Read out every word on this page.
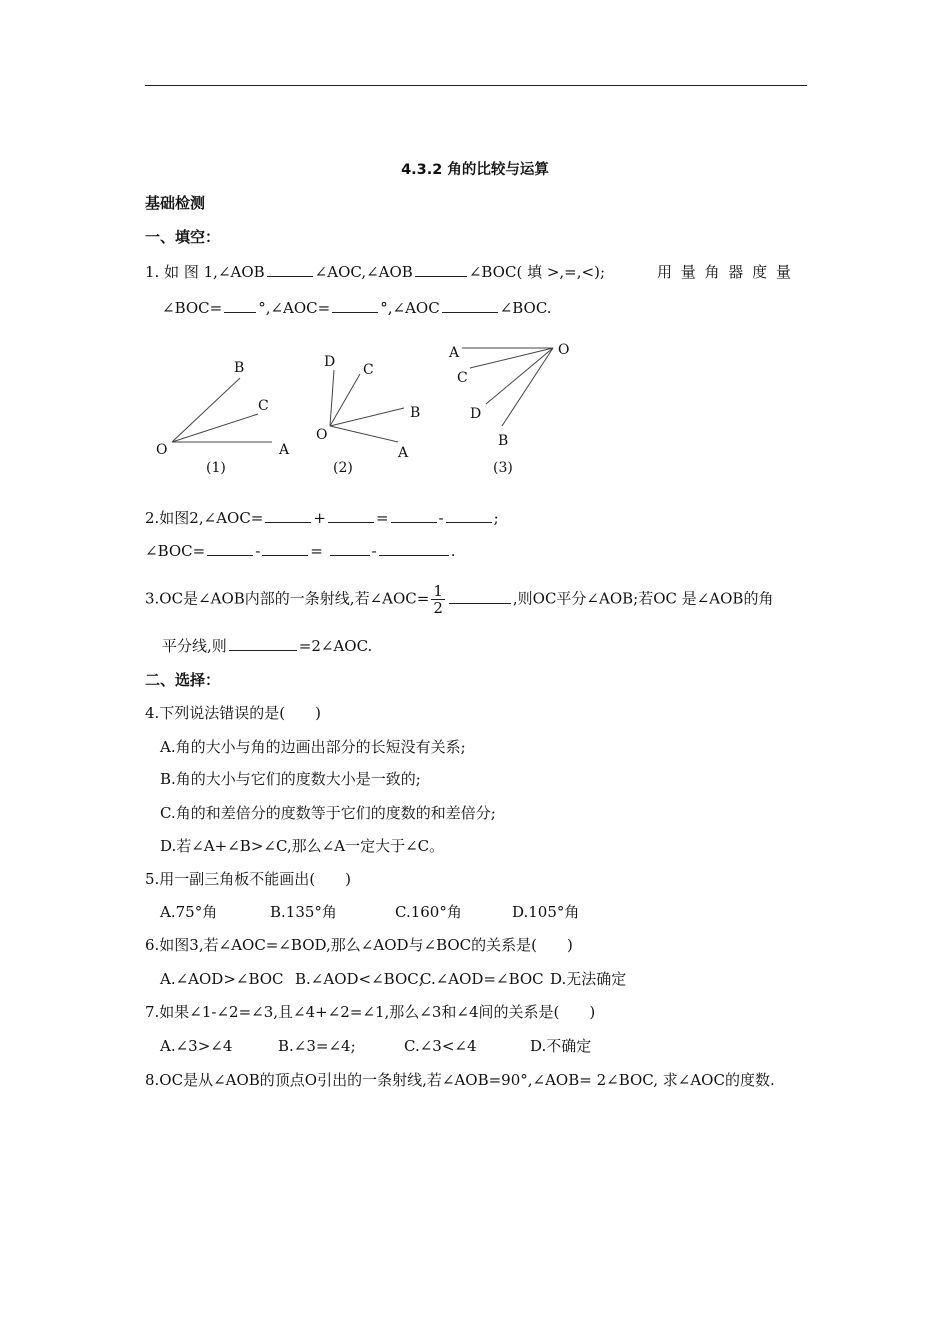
4.3.2 角的比较与运算
基础检测
一、填空：
1. 如 图 1,∠AOB	∠AOC,∠AOB	∠BOC( 填 >,=,<);	用 量 角 器 度 量
∠BOC= °,∠AOC=	°,∠AOC	∠BOC.
B
C
O	A
(1)
D C
B
O
A
(2)
A	O
C
D
B
(3)
2.如图2,∠AOC=	+	=	-	;
∠BOC=	-	=	-	.
3.OC是∠AOB内部的一条射线,若∠AOC= $\frac{1}{2}$	,则OC平分∠AOB;若OC 是∠AOB的角
平分线,则	=2∠AOC.
二、选择：
4.下列说法错误的是(　　)
A.角的大小与角的边画出部分的长短没有关系;
B.角的大小与它们的度数大小是一致的;
C.角的和差倍分的度数等于它们的度数的和差倍分;
D.若∠A+∠B>∠C,那么∠A一定大于∠C。
5.用一副三角板不能画出(　　)
A.75°角	B.135°角	C.160°角	D.105°角
6.如图3,若∠AOC=∠BOD,那么∠AOD与∠BOC的关系是(　　)
A.∠AOD>∠BOC B.∠AOD<∠BOC;
C.∠AOD=∠BOC D.无法确定
7.如果∠1-∠2=∠3,且∠4+∠2=∠1,那么∠3和∠4间的关系是(　　)
A.∠3>∠4	B.∠3=∠4;	C.∠3<∠4	D.不确定
8.OC是从∠AOB的顶点O引出的一条射线,若∠AOB=90°,∠AOB= 2∠BOC, 求∠AOC的度数.
